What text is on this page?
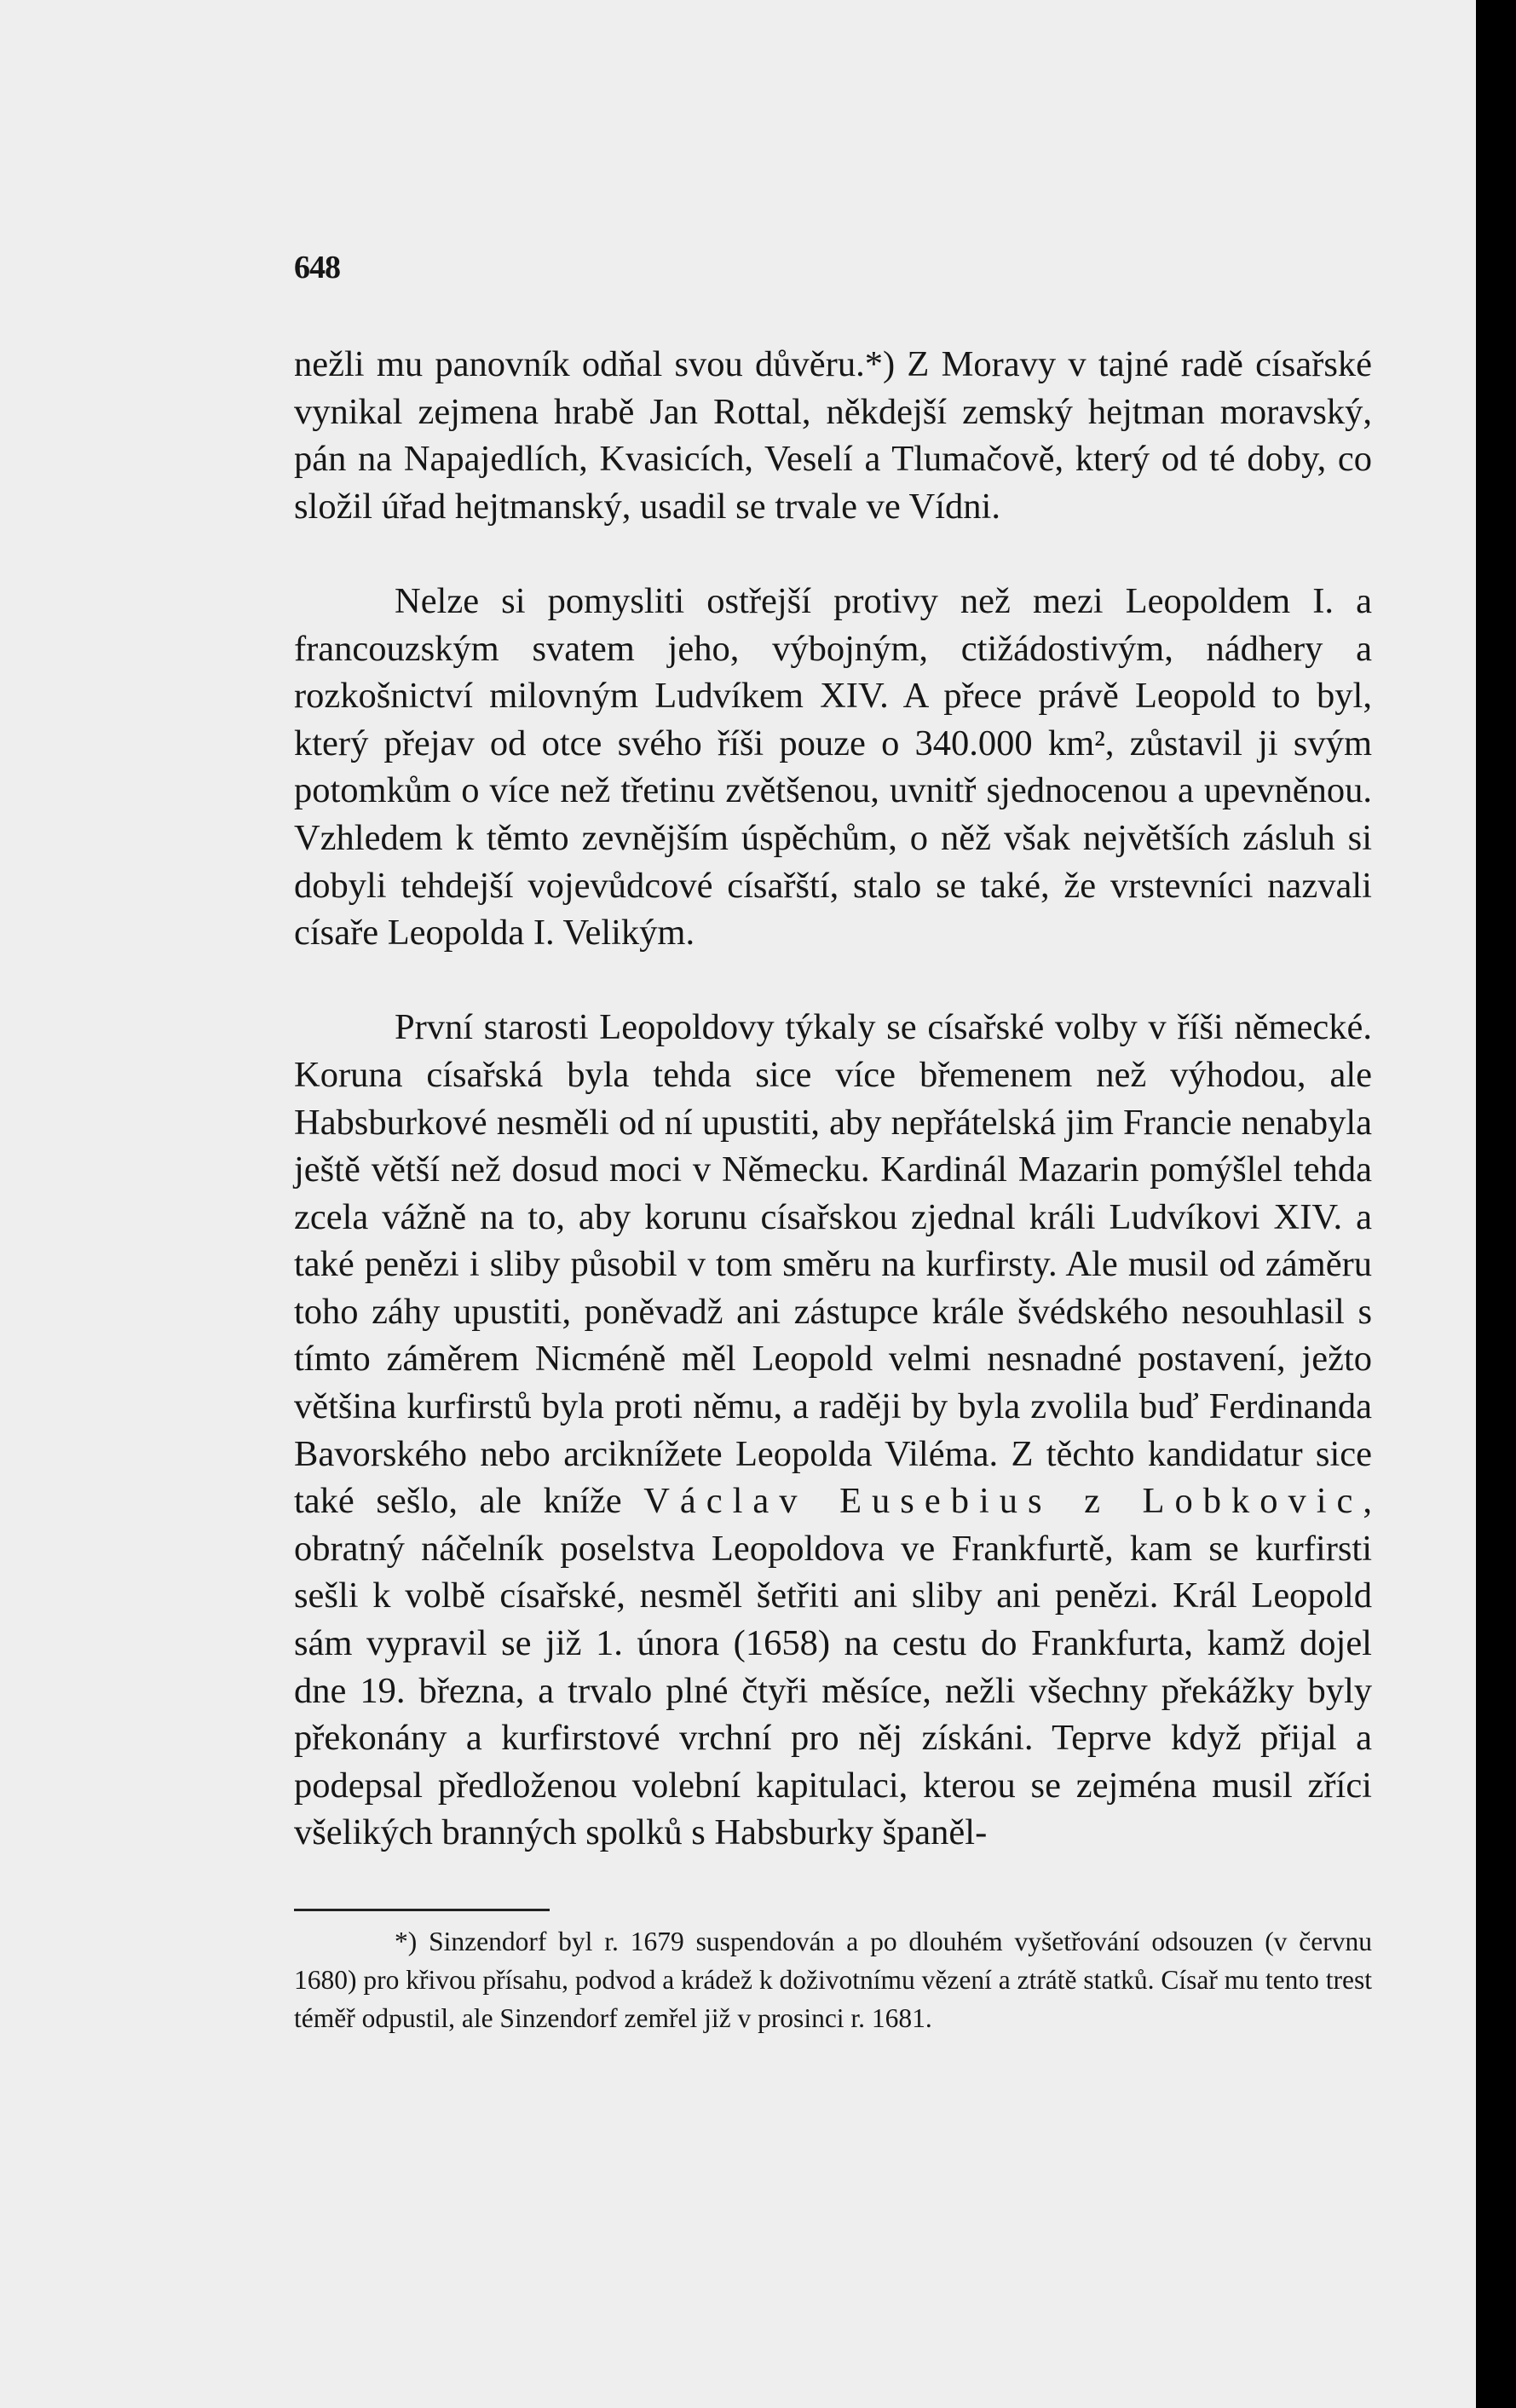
648

nežli mu panovník odňal svou důvěru.*) Z Moravy v tajné radě císařské vynikal zejmena hrabě Jan Rottal, někdejší zemský hejtman moravský, pán na Napajedlích, Kvasicích, Veselí a Tlumačově, který od té doby, co složil úřad hejtmanský, usadil se trvale ve Vídni.

Nelze si pomysliti ostřejší protivy než mezi Leopoldem I. a francouzským svatem jeho, výbojným, ctižádostivým, nádhery a rozkošnictví milovným Ludvíkem XIV. A přece právě Leopold to byl, který přejav od otce svého říši pouze o 340.000 km², zůstavil ji svým potomkům o více než třetinu zvětšenou, uvnitř sjednocenou a upevněnou. Vzhledem k těmto zevnějším úspěchům, o něž však největších zásluh si dobyli tehdejší vojevůdcové císařští, stalo se také, že vrstevníci nazvali císaře Leopolda I. Velikým.

První starosti Leopoldovy týkaly se císařské volby v říši německé. Koruna císařská byla tehda sice více břemenem než výhodou, ale Habsburkové nesměli od ní upustiti, aby nepřátelská jim Francie nenabyla ještě větší než dosud moci v Německu. Kardinál Mazarin pomýšlel tehda zcela vážně na to, aby korunu císařskou zjednal králi Ludvíkovi XIV. a také penězi i sliby působil v tom směru na kurfirsty. Ale musil od záměru toho záhy upustiti, poněvadž ani zástupce krále švédského nesouhlasil s tímto záměrem Nicméně měl Leopold velmi nesnadné postavení, ježto většina kurfirstů byla proti němu, a raději by byla zvolila buď Ferdinanda Bavorského nebo arciknížete Leopolda Viléma. Z těchto kandidatur sice také sešlo, ale kníže Václav Eusebius z Lobkovic, obratný náčelník poselstva Leopoldova ve Frankfurtě, kam se kurfirsti sešli k volbě císařské, nesměl šetřiti ani sliby ani penězi. Král Leopold sám vypravil se již 1. února (1658) na cestu do Frankfurta, kamž dojel dne 19. března, a trvalo plné čtyři měsíce, nežli všechny překážky byly překonány a kurfirstové vrchní pro něj získáni. Teprve když přijal a podepsal předloženou volební kapitulaci, kterou se zejména musil zříci všelikých branných spolků s Habsburky španěl-

*) Sinzendorf byl r. 1679 suspendován a po dlouhém vyšetřování odsouzen (v červnu 1680) pro křivou přísahu, podvod a krádež k doživotnímu vězení a ztrátě statků. Císař mu tento trest téměř odpustil, ale Sinzendorf zemřel již v prosinci r. 1681.
